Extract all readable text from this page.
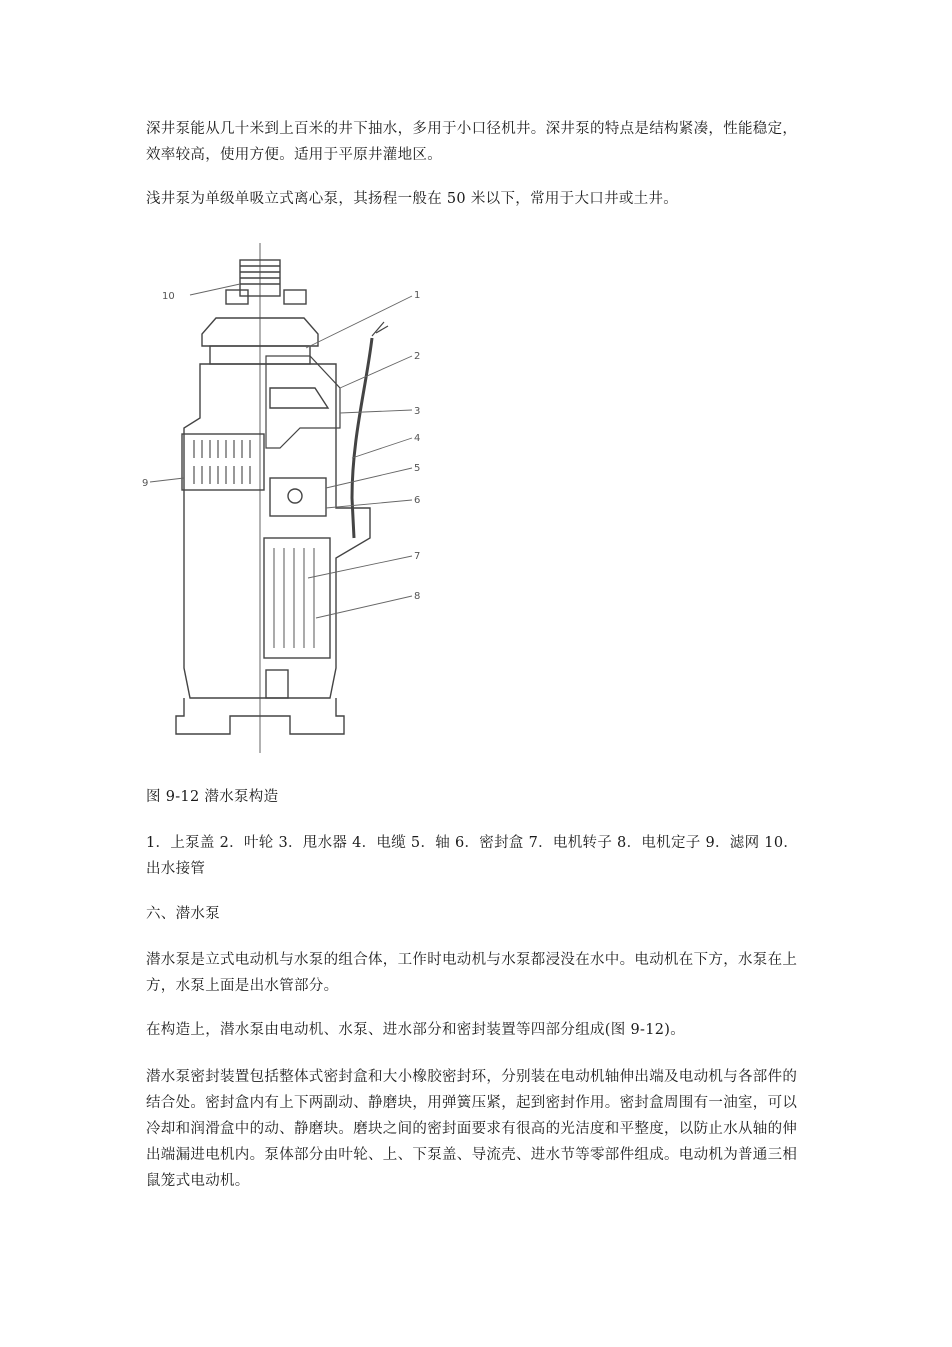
深井泵能从几十米到上百米的井下抽水，多用于小口径机井。深井泵的特点是结构紧凑，性能稳定，效率较高，使用方便。适用于平原井灌地区。

浅井泵为单级单吸立式离心泵，其扬程一般在 50 米以下，常用于大口井或土井。

10	1
2
3
4
5
6
7
8
9

图 9-12 潜水泵构造

1．上泵盖 2．叶轮 3．甩水器 4．电缆 5．轴 6．密封盒 7．电机转子 8．电机定子 9．滤网 10．出水接管

六、潜水泵

潜水泵是立式电动机与水泵的组合体，工作时电动机与水泵都浸没在水中。电动机在下方，水泵在上方，水泵上面是出水管部分。

在构造上，潜水泵由电动机、水泵、进水部分和密封装置等四部分组成(图 9-12)。

潜水泵密封装置包括整体式密封盒和大小橡胶密封环，分别装在电动机轴伸出端及电动机与各部件的结合处。密封盒内有上下两副动、静磨块，用弹簧压紧，起到密封作用。密封盒周围有一油室，可以冷却和润滑盒中的动、静磨块。磨块之间的密封面要求有很高的光洁度和平整度，以防止水从轴的伸出端漏进电机内。泵体部分由叶轮、上、下泵盖、导流壳、进水节等零部件组成。电动机为普通三相鼠笼式电动机。
